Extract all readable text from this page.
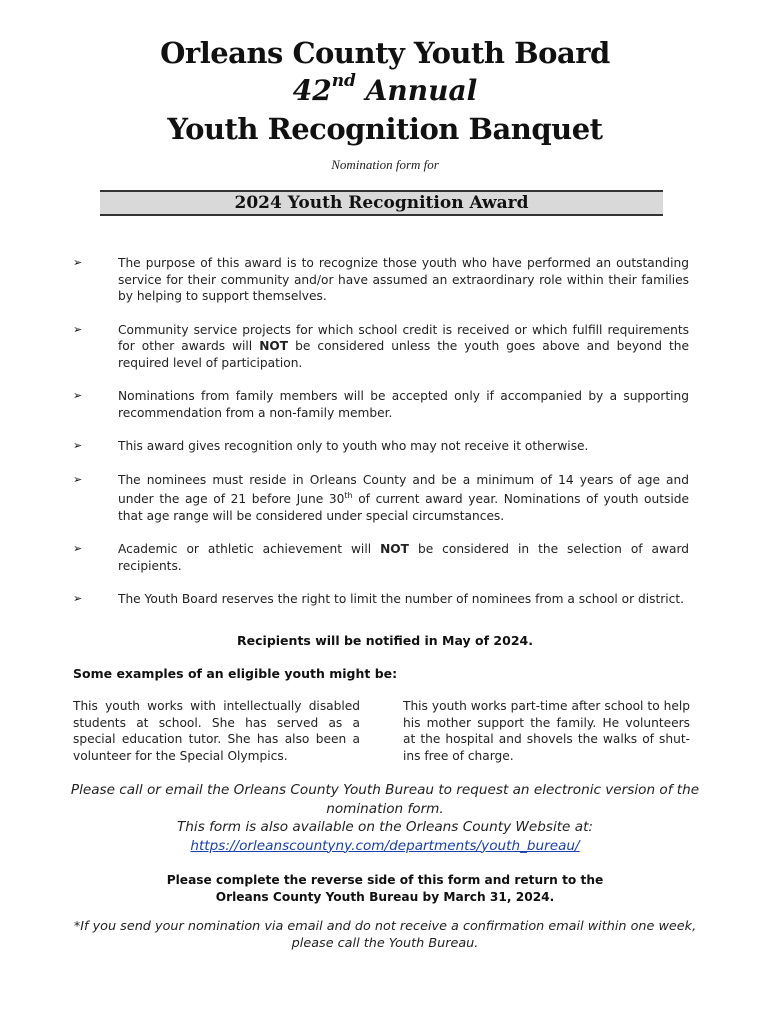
Orleans County Youth Board
42nd Annual
Youth Recognition Banquet
Nomination form for
2024 Youth Recognition Award
➢	The purpose of this award is to recognize those youth who have performed an outstanding service for their community and/or have assumed an extraordinary role within their families by helping to support themselves.
➢	Community service projects for which school credit is received or which fulfill requirements for other awards will NOT be considered unless the youth goes above and beyond the required level of participation.
➢	Nominations from family members will be accepted only if accompanied by a supporting recommendation from a non-family member.
➢	This award gives recognition only to youth who may not receive it otherwise.
➢	The nominees must reside in Orleans County and be a minimum of 14 years of age and under the age of 21 before June 30th of current award year. Nominations of youth outside that age range will be considered under special circumstances.
➢	Academic or athletic achievement will NOT be considered in the selection of award recipients.
➢	The Youth Board reserves the right to limit the number of nominees from a school or district.
Recipients will be notified in May of 2024.
Some examples of an eligible youth might be:
This youth works with intellectually disabled students at school. She has served as a special education tutor. She has also been a volunteer for the Special Olympics.
This youth works part-time after school to help his mother support the family. He volunteers at the hospital and shovels the walks of shut-ins free of charge.
Please call or email the Orleans County Youth Bureau to request an electronic version of the nomination form.
This form is also available on the Orleans County Website at:
https://orleanscountyny.com/departments/youth_bureau/
Please complete the reverse side of this form and return to the
Orleans County Youth Bureau by March 31, 2024.
*If you send your nomination via email and do not receive a confirmation email within one week, please call the Youth Bureau.
